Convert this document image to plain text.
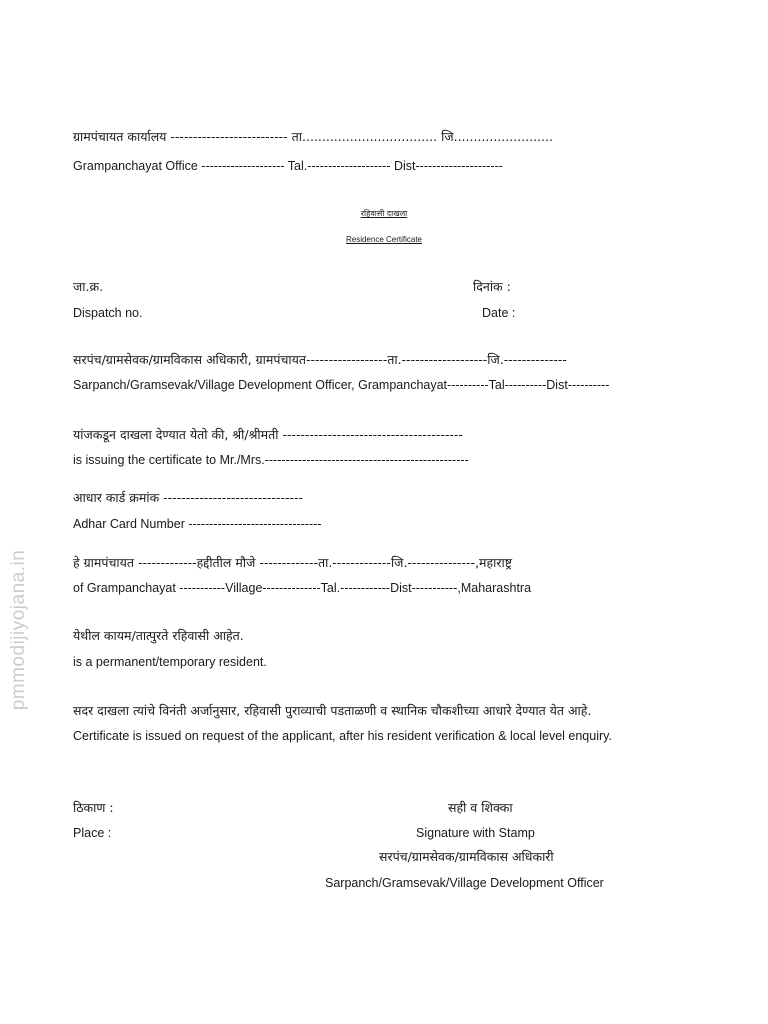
ग्रामपंचायत कार्यालय -------------------------- ता.................................. जि.........................
Grampanchayat Office -------------------- Tal.-------------------- Dist---------------------
रहिवासी दाखला
Residence Certificate
जा.क्र.	दिनांक :
Dispatch no.	Date :
सरपंच/ग्रामसेवक/ग्रामविकास अधिकारी, ग्रामपंचायत------------------ता.-------------------जि.--------------
Sarpanch/Gramsevak/Village Development Officer, Grampanchayat----------Tal----------Dist----------
यांजकडून दाखला देण्यात येतो की, श्री/श्रीमती ----------------------------------------
is issuing the certificate to Mr./Mrs.-------------------------------------------------
आधार कार्ड क्रमांक -------------------------------
Adhar Card Number --------------------------------
हे ग्रामपंचायत -------------हद्दीतील मौजे -------------ता.-------------जि.---------------,महाराष्ट्र
of Grampanchayat -----------Village--------------Tal.------------Dist-----------,Maharashtra
येथील कायम/तात्पुरते रहिवासी आहेत.
is a permanent/temporary resident.
सदर दाखला त्यांचे विनंती अर्जानुसार, रहिवासी पुराव्याची पडताळणी व स्थानिक चौकशीच्या आधारे देण्यात येत आहे.
Certificate is issued on request of the applicant, after his resident verification & local level enquiry.
ठिकाण :
Place :
सही व शिक्का
Signature with Stamp
सरपंच/ग्रामसेवक/ग्रामविकास अधिकारी
Sarpanch/Gramsevak/Village Development Officer
pmmodijiyojana.in
